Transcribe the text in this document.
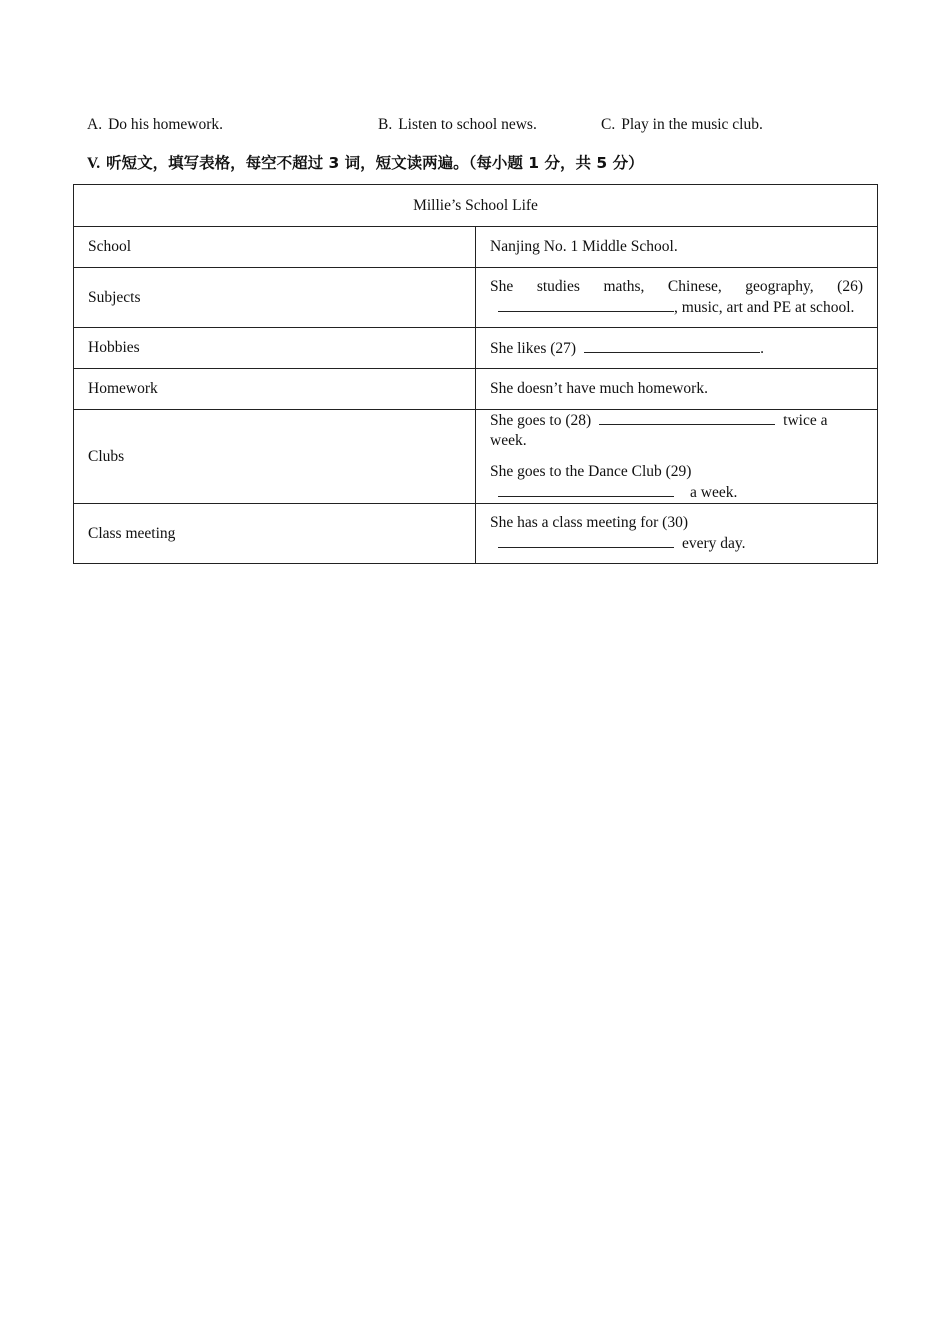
A. Do his homework.	B. Listen to school news.	C. Play in the music club.
V. 听短文，填写表格，每空不超过 3 词，短文读两遍。（每小题 1 分，共 5 分）
Millie’s School Life	
School	Nanjing No. 1 Middle School.
Subjects	She studies maths, Chinese, geography, (26), music, art and PE at school.
Hobbies	She likes (27) .
Homework	She doesn’t have much homework.
Clubs	She goes to (28) twice a week.
She goes to the Dance Club (29)a week.

Class meeting	She has a class meeting for (30)every day.
